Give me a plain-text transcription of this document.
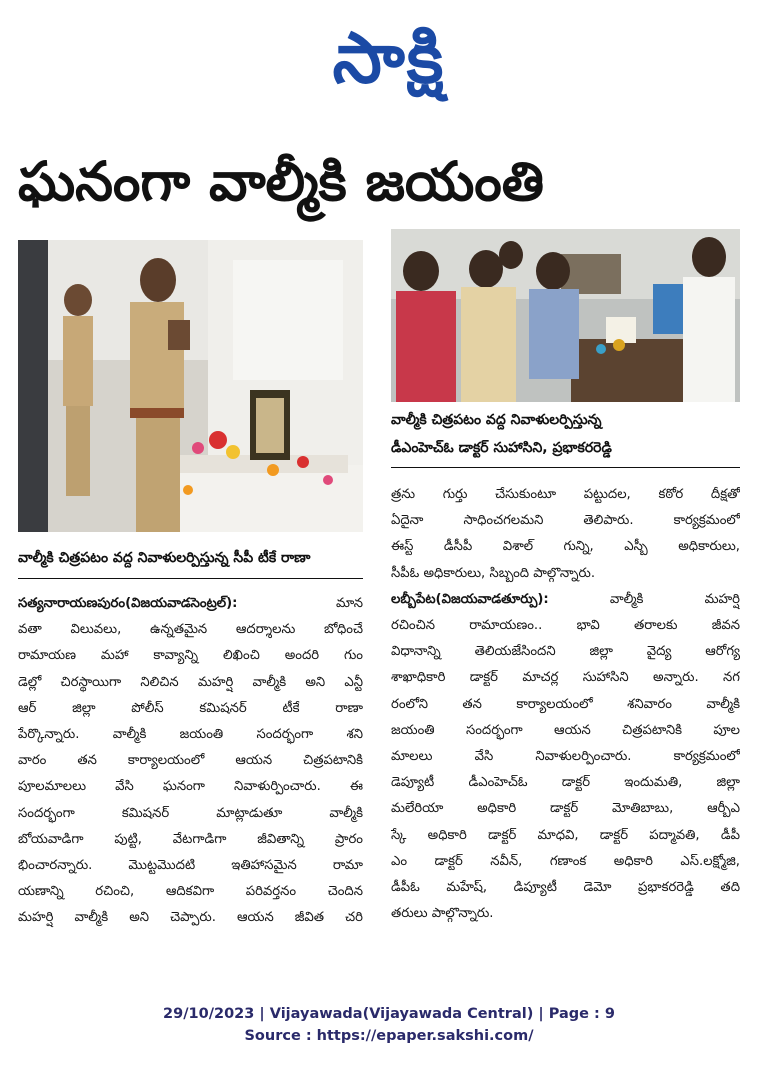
సాక్షి
ఘనంగా వాల్మీకి జయంతి
వాల్మీకి చిత్రపటం వద్ద నివాళులర్పిస్తున్న సీపీ టీకే రాణా
వాల్మీకి చిత్రపటం వద్ద నివాళులర్పిస్తున్న
డీఎంహెచ్ఓ డాక్టర్ సుహాసిని, ప్రభాకరరెడ్డి
సత్యనారాయణపురం(విజయవాడసెంట్రల్):	మాన
వతా విలువలు, ఉన్నతమైన ఆదర్శాలను బోధించే
రామాయణ మహా కావ్యాన్ని లిఖించి అందరి గుం
డెల్లో చిరస్థాయిగా నిలిచిన మహర్షి వాల్మీకి అని ఎన్టీ
ఆర్ జిల్లా పోలీస్ కమిషనర్ టీకే రాణా
పేర్కొన్నారు. వాల్మీకి జయంతి సందర్భంగా శని
వారం తన కార్యాలయంలో ఆయన చిత్రపటానికి
పూలమాలలు వేసి ఘనంగా నివాళుర్పించారు. ఈ
సందర్భంగా కమిషనర్ మాట్లాడుతూ వాల్మీకి
బోయవాడిగా పుట్టి, వేటగాడిగా జీవితాన్ని ప్రారం
భించారన్నారు. మొట్టమొదటి ఇతిహాసమైన రామా
యణాన్ని రచించి, ఆదికవిగా పరివర్తనం చెందిన
మహర్షి వాల్మీకి అని చెప్పారు. ఆయన జీవిత చరి
త్రను గుర్తు చేసుకుంటూ పట్టుదల, కఠోర దీక్షతో
ఏదైనా సాధించగలమని తెలిపారు. కార్యక్రమంలో
ఈస్ట్ డీసీపీ విశాల్ గున్ని, ఎస్బీ అధికారులు,
సీపీఓ అధికారులు, సిబ్బంది పాల్గొన్నారు.
లబ్బీపేట(విజయవాడతూర్పు):	వాల్మీకి మహర్షి
రచించిన రామాయణం.. భావి తరాలకు జీవన
విధానాన్ని తెలియజేసిందని జిల్లా వైద్య ఆరోగ్య
శాఖాధికారి డాక్టర్ మాచర్ల సుహాసిని అన్నారు. నగ
రంలోని తన కార్యాలయంలో శనివారం వాల్మీకి
జయంతి సందర్భంగా ఆయన చిత్రపటానికి పూల
మాలలు వేసి నివాళులర్పించారు. కార్యక్రమంలో
డెప్యూటీ డీఎంహెచ్ఓ డాక్టర్ ఇందుమతి, జిల్లా
మలేరియా అధికారి డాక్టర్ మోతిబాబు, ఆర్బీఎ
స్కే అధికారి డాక్టర్ మాధవి, డాక్టర్ పద్మావతి, డీపీ
ఎం డాక్టర్ నవీన్, గణాంక అధికారి ఎస్.లక్ష్మోజి,
డీపీఓ మహేష్, డిప్యూటీ డెమో ప్రభాకరరెడ్డి తది
తరులు పాల్గొన్నారు.
29/10/2023 | Vijayawada(Vijayawada Central) | Page : 9
Source : https://epaper.sakshi.com/
